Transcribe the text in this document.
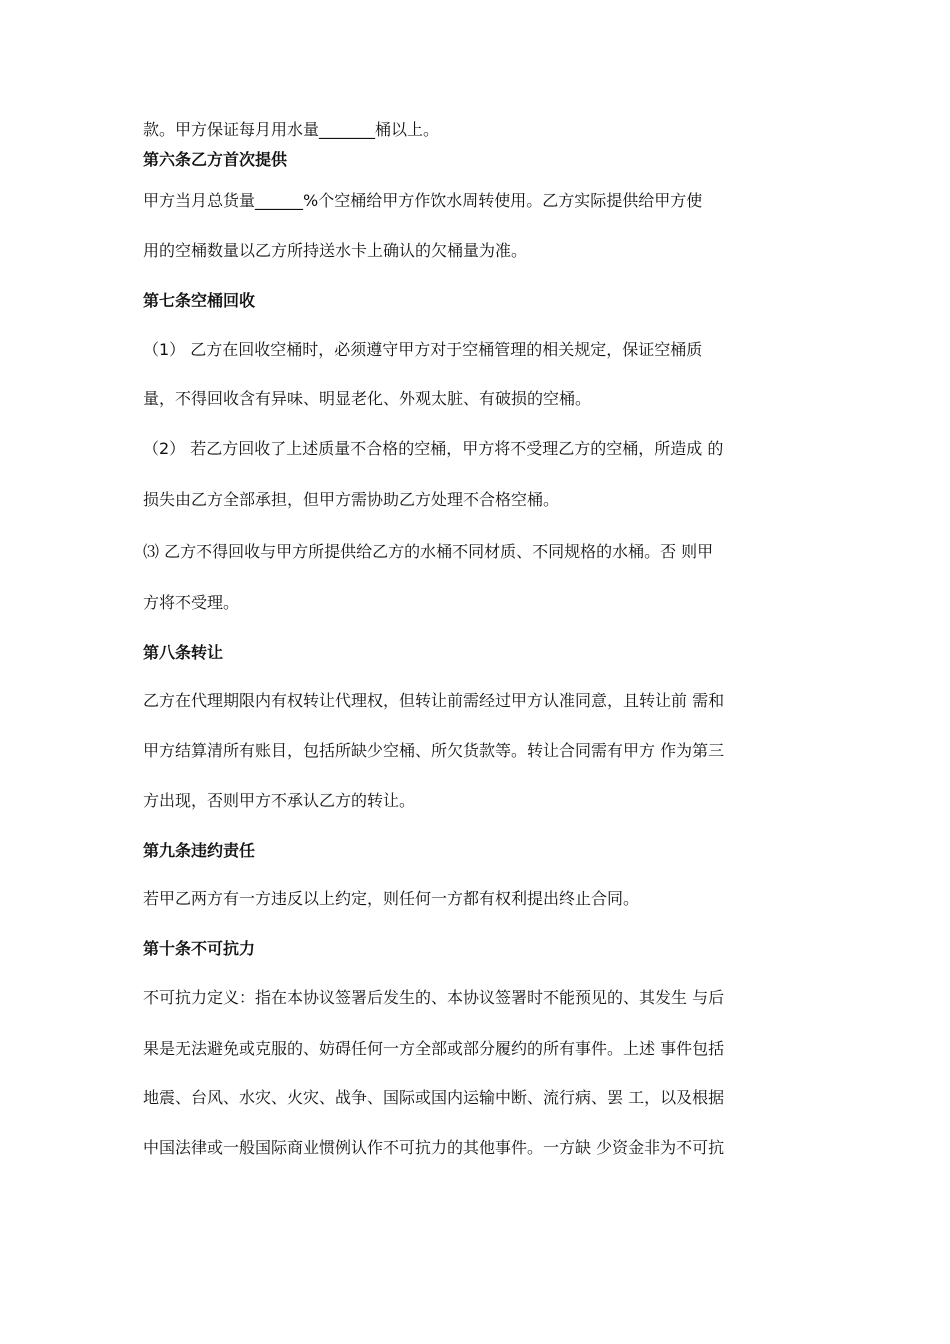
款。甲方保证每月用水量_______桶以上。
第六条乙方首次提供
甲方当月总货量______%个空桶给甲方作饮水周转使用。乙方实际提供给甲方使
用的空桶数量以乙方所持送水卡上确认的欠桶量为准。
第七条空桶回收
（1） 乙方在回收空桶时，必须遵守甲方对于空桶管理的相关规定，保证空桶质
量，不得回收含有异味、明显老化、外观太脏、有破损的空桶。
（2） 若乙方回收了上述质量不合格的空桶，甲方将不受理乙方的空桶，所造成 的
损失由乙方全部承担，但甲方需协助乙方处理不合格空桶。
⑶ 乙方不得回收与甲方所提供给乙方的水桶不同材质、不同规格的水桶。否 则甲
方将不受理。
第八条转让
乙方在代理期限内有权转让代理权，但转让前需经过甲方认准同意，且转让前 需和
甲方结算清所有账目，包括所缺少空桶、所欠货款等。转让合同需有甲方 作为第三
方出现，否则甲方不承认乙方的转让。
第九条违约责任
若甲乙两方有一方违反以上约定，则任何一方都有权利提出终止合同。
第十条不可抗力
不可抗力定义：指在本协议签署后发生的、本协议签署时不能预见的、其发生 与后
果是无法避免或克服的、妨碍任何一方全部或部分履约的所有事件。上述 事件包括
地震、台风、水灾、火灾、战争、国际或国内运输中断、流行病、罢 工，以及根据
中国法律或一般国际商业惯例认作不可抗力的其他事件。一方缺 少资金非为不可抗
